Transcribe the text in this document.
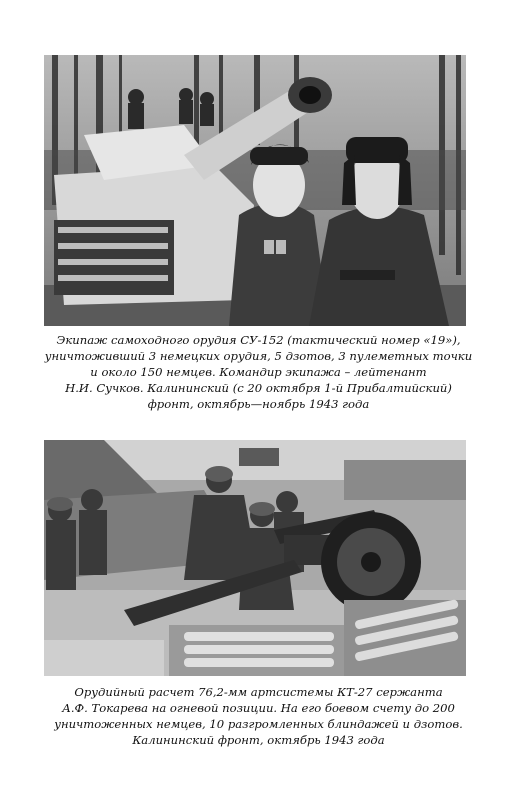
Экипаж самоходного орудия СУ-152 (тактический номер «19»),
уничтоживший 3 немецких орудия, 5 дзотов, 3 пулеметных точки
и около 150 немцев. Командир экипажа – лейтенант
Н.И. Сучков. Калининский (с 20 октября 1-й Прибалтийский)
фронт, октябрь—ноябрь 1943 года
Орудийный расчет 76,2-мм артсистемы КТ-27 сержанта
А.Ф. Токарева на огневой позиции. На его боевом счету до 200
уничтоженных немцев, 10 разгромленных блиндажей и дзотов.
Калининский фронт, октябрь 1943 года
